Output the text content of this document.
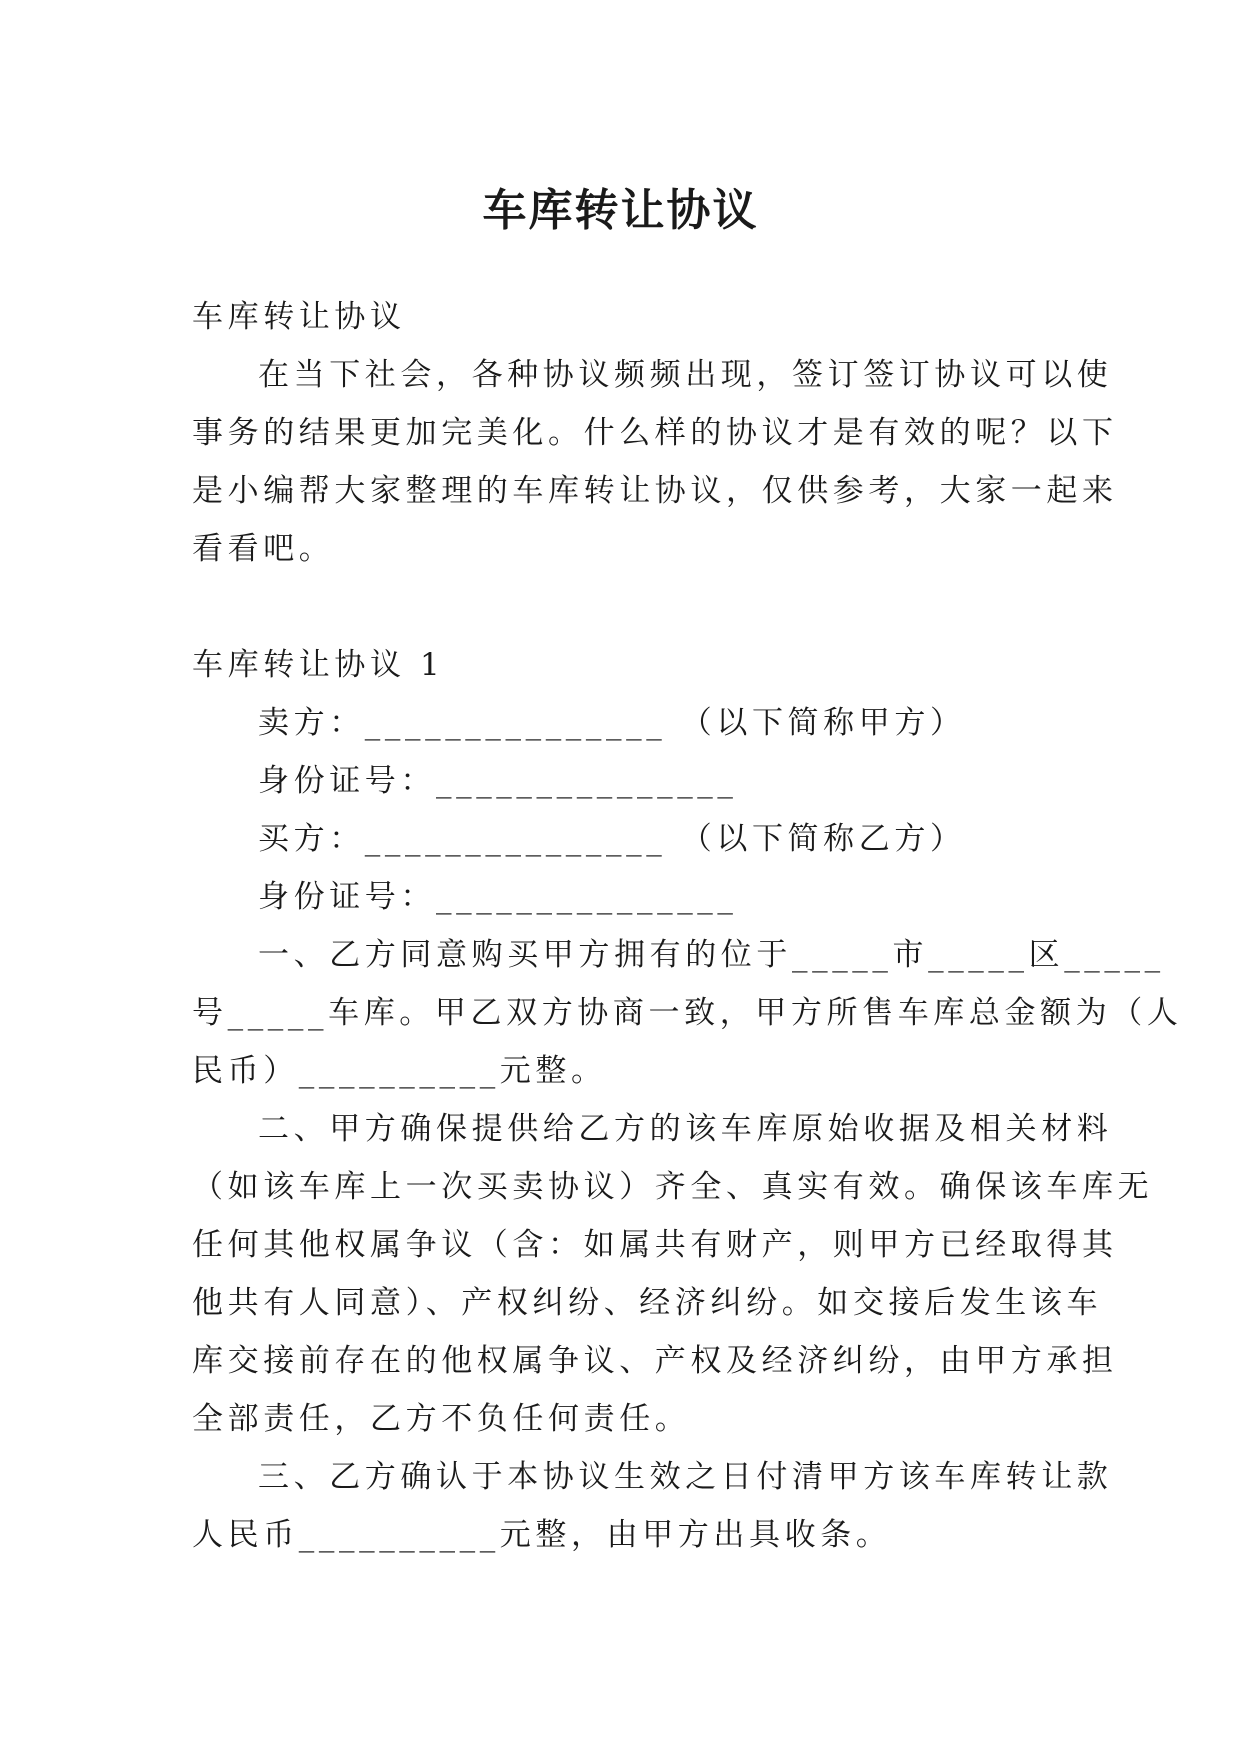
车库转让协议

车库转让协议

在当下社会，各种协议频频出现，签订签订协议可以使
事务的结果更加完美化。什么样的协议才是有效的呢？以下
是小编帮大家整理的车库转让协议，仅供参考，大家一起来
看看吧。

车库转让协议 1

卖方：_______________ （以下简称甲方）
身份证号：_______________
买方：_______________ （以下简称乙方）
身份证号：_______________

一、乙方同意购买甲方拥有的位于_____市_____区_____
号_____车库。甲乙双方协商一致，甲方所售车库总金额为（人
民币）__________元整。

二、甲方确保提供给乙方的该车库原始收据及相关材料
（如该车库上一次买卖协议）齐全、真实有效。确保该车库无
任何其他权属争议（含：如属共有财产，则甲方已经取得其
他共有人同意）、产权纠纷、经济纠纷。如交接后发生该车
库交接前存在的他权属争议、产权及经济纠纷，由甲方承担
全部责任，乙方不负任何责任。

三、乙方确认于本协议生效之日付清甲方该车库转让款
人民币__________元整，由甲方出具收条。
